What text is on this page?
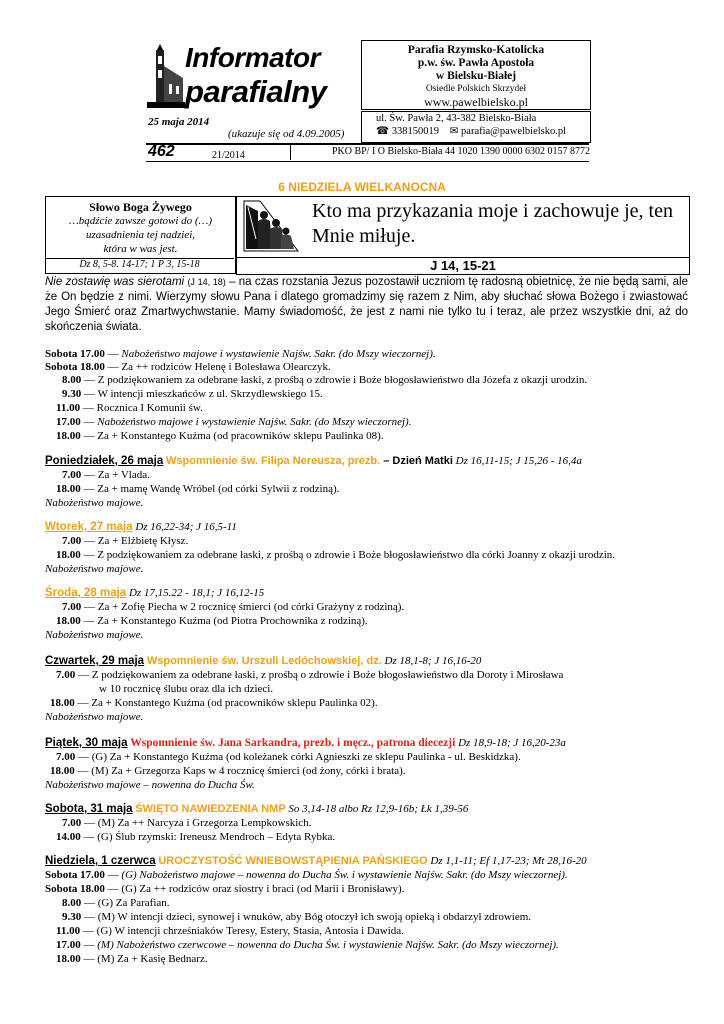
Informator
parafialny
Parafia Rzymsko-Katolicka
p.w. św. Pawła Apostoła
w Bielsku-Białej
Osiedle Polskich Skrzydeł
www.pawelbielsko.pl
25 maja 2014
(ukazuje się od 4.09.2005)
ul. Św. Pawła 2, 43-382 Bielsko-Biała
☎ 338150019 ✉ parafia@pawelbielsko.pl
462	21/2014	PKO BP/ I O Bielsko-Biała 44 1020 1390 0000 6302 0157 8772
6 NIEDZIELA WIELKANOCNA
Słowo Boga Żywego
…bądźcie zawsze gotowi do (…)
uzasadnienia tej nadziei,
która w was jest.
Dz 8, 5-8. 14-17; 1 P 3, 15-18
Kto ma przykazania moje i zachowuje je, ten Mnie miłuje.
J 14, 15-21
Nie zostawię was sierotami (J 14, 18) – na czas rozstania Jezus pozostawił uczniom tę radosną obietnicę, że nie będą sami, ale że On będzie z nimi. Wierzymy słowu Pana i dlatego gromadzimy się razem z Nim, aby słuchać słowa Bożego i zwiastować Jego Śmierć oraz Zmartwychwstanie. Mamy świadomość, że jest z nami nie tylko tu i teraz, ale przez wszystkie dni, aż do skończenia świata.
Sobota 17.00 — Nabożeństwo majowe i wystawienie Najśw. Sakr. (do Mszy wieczornej).
Sobota 18.00 — Za ++ rodziców Helenę i Bolesława Olearczyk.
8.00 — Z podziękowaniem za odebrane łaski, z prośbą o zdrowie i Boże błogosławieństwo dla Józefa z okazji urodzin.
9.30 — W intencji mieszkańców z ul. Skrzydlewskiego 15.
11.00 — Rocznica I Komunii św.
17.00 — Nabożeństwo majowe i wystawienie Najśw. Sakr. (do Mszy wieczornej).
18.00 — Za + Konstantego Kuźma (od pracowników sklepu Paulinka 08).
Poniedziałek, 26 maja Wspomnienie św. Filipa Nereusza, prezb. – Dzień Matki Dz 16,11-15; J 15,26 - 16,4a
7.00 — Za + Vlada.
18.00 — Za + mamę Wandę Wróbel (od córki Sylwii z rodziną).
Nabożeństwo majowe.
Wtorek, 27 maja Dz 16,22-34; J 16,5-11
7.00 — Za + Elżbietę Kłysz.
18.00 — Z podziękowaniem za odebrane łaski, z prośbą o zdrowie i Boże błogosławieństwo dla córki Joanny z okazji urodzin.
Nabożeństwo majowe.
Środa, 28 maja Dz 17,15.22 - 18,1; J 16,12-15
7.00 — Za + Zofię Piecha w 2 rocznicę śmierci (od córki Grażyny z rodziną).
18.00 — Za + Konstantego Kuźma (od Piotra Prochownika z rodziną).
Nabożeństwo majowe.
Czwartek, 29 maja Wspomnienie św. Urszuli Ledóchowskiej, dz. Dz 18,1-8; J 16,16-20
7.00 — Z podziękowaniem za odebrane łaski, z prośbą o zdrowie i Boże błogosławieństwo dla Doroty i Mirosława
w 10 rocznicę ślubu oraz dla ich dzieci.
18.00 — Za + Konstantego Kuźma (od pracowników sklepu Paulinka 02).
Nabożeństwo majowe.
Piątek, 30 maja Wspomnienie św. Jana Sarkandra, prezb. i męcz., patrona diecezji Dz 18,9-18; J 16,20-23a
7.00 — (G) Za + Konstantego Kuźma (od koleżanek córki Agnieszki ze sklepu Paulinka - ul. Beskidzka).
18.00 — (M) Za + Grzegorza Kaps w 4 rocznicę śmierci (od żony, córki i brata).
Nabożeństwo majowe – nowenna do Ducha Św.
Sobota, 31 maja ŚWIĘTO NAWIEDZENIA NMP So 3,14-18 albo Rz 12,9-16b; Łk 1,39-56
7.00 — (M) Za ++ Narcyza i Grzegorza Lempkowskich.
14.00 — (G) Ślub rzymski: Ireneusz Mendroch – Edyta Rybka.
Niedziela, 1 czerwca UROCZYSTOŚĆ WNIEBOWSTĄPIENIA PAŃSKIEGO Dz 1,1-11; Ef 1,17-23; Mt 28,16-20
Sobota 17.00 — (G) Nabożeństwo majowe – nowenna do Ducha Św. i wystawienie Najśw. Sakr. (do Mszy wieczornej).
Sobota 18.00 — (G) Za ++ rodziców oraz siostry i braci (od Marii i Bronisławy).
8.00 — (G) Za Parafian.
9.30 — (M) W intencji dzieci, synowej i wnuków, aby Bóg otoczył ich swoją opieką i obdarzył zdrowiem.
11.00 — (G) W intencji chrześniaków Teresy, Estery, Stasia, Antosia i Dawida.
17.00 — (M) Nabożeństwo czerwcowe – nowenna do Ducha Św. i wystawienie Najśw. Sakr. (do Mszy wieczornej).
18.00 — (M) Za + Kasię Bednarz.
